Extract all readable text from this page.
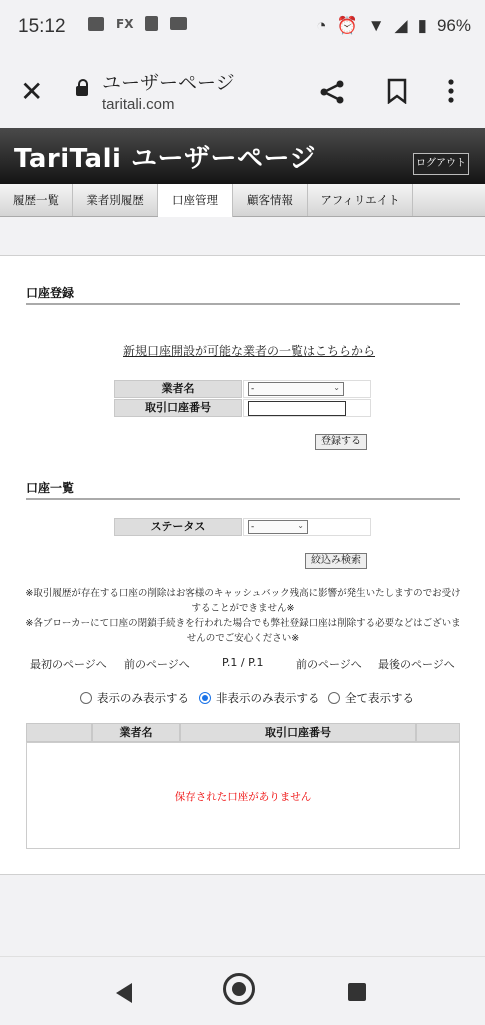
15:12	FX	◔ ⏰ ▼ ◢ ▮ 96%
✕	ユーザーページ
taritali.com
TariTali ユーザーページ	ログアウト
履歴一覧	業者別履歴	口座管理	顧客情報	アフィリエイト
口座登録
新規口座開設が可能な業者の一覧はこちらから
業者名	-	⌄
取引口座番号
登録する
口座一覧
ステータス	-	⌄
絞込み検索
※取引履歴が存在する口座の削除はお客様のキャッシュバック残高に影響が発生いたしますのでお受けすることができません※
※各ブローカーにて口座の閉鎖手続きを行われた場合でも弊社登録口座は削除する必要などはございませんのでご安心ください※
最初のページへ 前のページへ	P.1 / P.1	前のページへ 最後のページへ
表示のみ表示する 非表示のみ表示する 全て表示する
業者名	取引口座番号
保存された口座がありません
